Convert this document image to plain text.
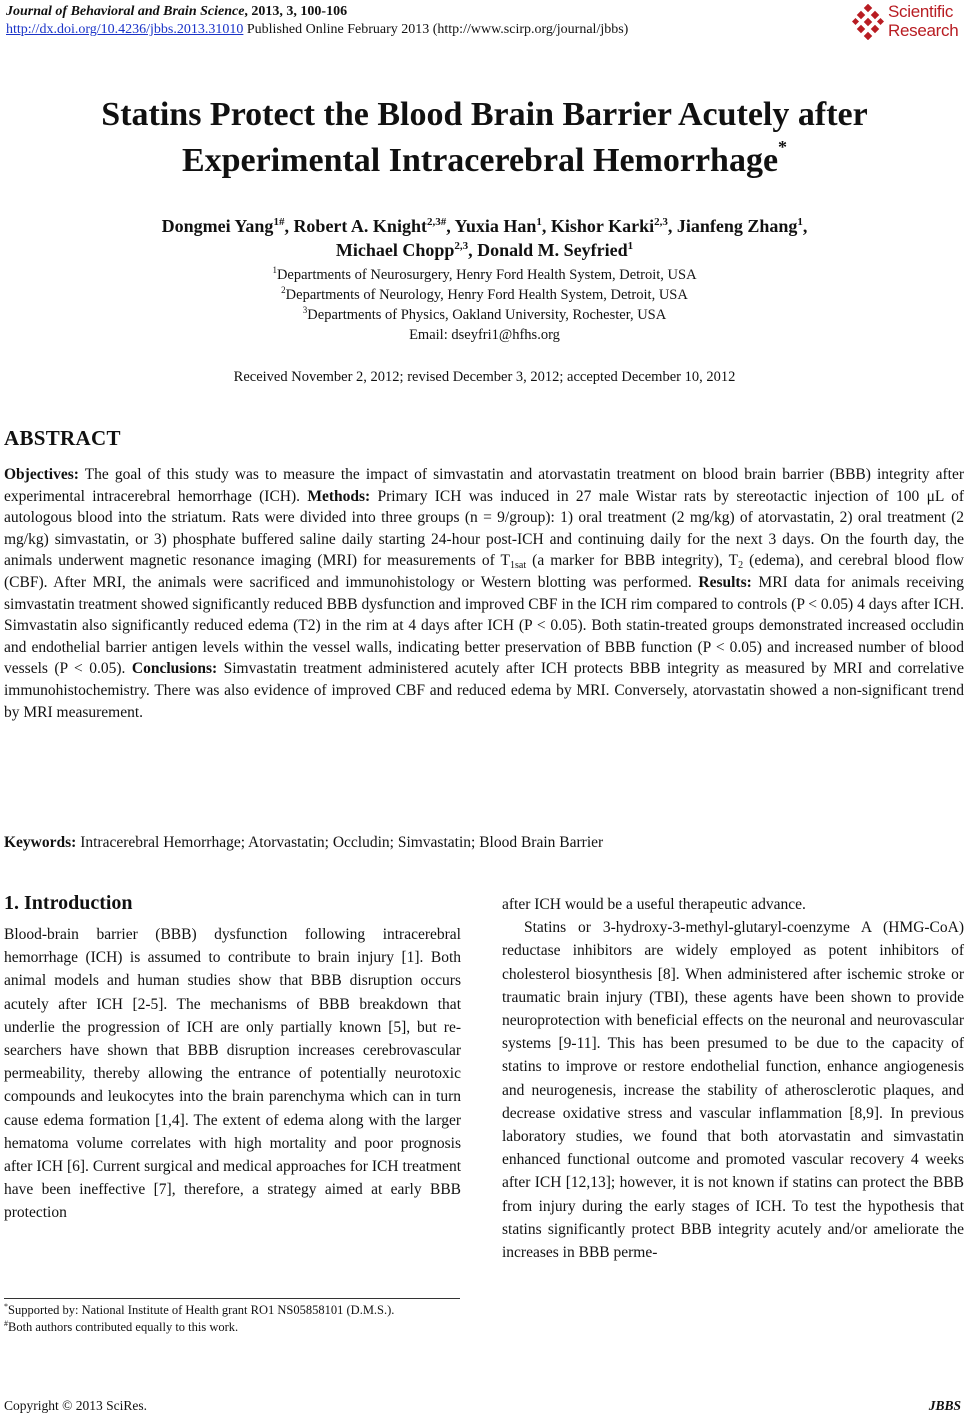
Journal of Behavioral and Brain Science, 2013, 3, 100-106
http://dx.doi.org/10.4236/jbbs.2013.31010 Published Online February 2013 (http://www.scirp.org/journal/jbbs)
Scientific
Research
Statins Protect the Blood Brain Barrier Acutely after
Experimental Intracerebral Hemorrhage*
Dongmei Yang$^{1\#}$, Robert A. Knight$^{2,3\#}$, Yuxia Han$^1$, Kishor Karki$^{2,3}$, Jianfeng Zhang$^1$,
Michael Chopp$^{2,3}$, Donald M. Seyfried$^1$
$^1$Departments of Neurosurgery, Henry Ford Health System, Detroit, USA
$^2$Departments of Neurology, Henry Ford Health System, Detroit, USA
$^3$Departments of Physics, Oakland University, Rochester, USA
Email: dseyfri1@hfhs.org
Received November 2, 2012; revised December 3, 2012; accepted December 10, 2012
ABSTRACT
Objectives: The goal of this study was to measure the impact of simvastatin and atorvastatin treatment on blood brain barrier (BBB) integrity after experimental intracerebral hemorrhage (ICH). Methods: Primary ICH was induced in 27 male Wistar rats by stereotactic injection of 100 μL of autologous blood into the striatum. Rats were divided into three groups (n = 9/group): 1) oral treatment (2 mg/kg) of atorvastatin, 2) oral treatment (2 mg/kg) simvastatin, or 3) phosphate buffered saline daily starting 24-hour post-ICH and continuing daily for the next 3 days. On the fourth day, the animals underwent magnetic resonance imaging (MRI) for measurements of $T_{1sat}$ (a marker for BBB integrity), $T_2$ (edema), and cerebral blood flow (CBF). After MRI, the animals were sacrificed and immunohistology or Western blotting was performed. Results: MRI data for animals receiving simvastatin treatment showed significantly reduced BBB dysfunction and improved CBF in the ICH rim compared to controls (P < 0.05) 4 days after ICH. Simvastatin also significantly reduced edema (T2) in the rim at 4 days after ICH (P < 0.05). Both statin-treated groups demonstrated increased occludin and endothelial barrier antigen levels within the vessel walls, indicating better preservation of BBB function (P < 0.05) and increased number of blood vessels (P < 0.05). Conclusions: Simvastatin treatment administered acutely after ICH protects BBB integrity as measured by MRI and correlative immunohistochemistry. There was also evidence of improved CBF and reduced edema by MRI. Conversely, atorvastatin showed a non-significant trend by MRI measurement.
Keywords: Intracerebral Hemorrhage; Atorvastatin; Occludin; Simvastatin; Blood Brain Barrier
1. Introduction
Blood-brain barrier (BBB) dysfunction following intracerebral hemorrhage (ICH) is assumed to contribute to brain injury [1]. Both animal models and human studies show that BBB disruption occurs acutely after ICH [2-5]. The mechanisms of BBB breakdown that underlie the progression of ICH are only partially known [5], but researchers have shown that BBB disruption increases cerebrovascular permeability, thereby allowing the entrance of potentially neurotoxic compounds and leukocytes into the brain parenchyma which can in turn cause edema formation [1,4]. The extent of edema along with the larger hematoma volume correlates with high mortality and poor prognosis after ICH [6]. Current surgical and medical approaches for ICH treatment have been ineffective [7], therefore, a strategy aimed at early BBB protection
after ICH would be a useful therapeutic advance.
Statins or 3-hydroxy-3-methyl-glutaryl-coenzyme A (HMG-CoA) reductase inhibitors are widely employed as potent inhibitors of cholesterol biosynthesis [8]. When administered after ischemic stroke or traumatic brain injury (TBI), these agents have been shown to provide neuroprotection with beneficial effects on the neuronal and neurovascular systems [9-11]. This has been presumed to be due to the capacity of statins to improve or restore endothelial function, enhance angiogenesis and neurogenesis, increase the stability of atherosclerotic plaques, and decrease oxidative stress and vascular inflammation [8,9]. In previous laboratory studies, we found that both atorvastatin and simvastatin enhanced functional outcome and promoted vascular recovery 4 weeks after ICH [12,13]; however, it is not known if statins can protect the BBB from injury during the early stages of ICH. To test the hypothesis that statins significantly protect BBB integrity acutely and/or ameliorate the increases in BBB perme-
*Supported by: National Institute of Health grant RO1 NS05858101 (D.M.S.).
#Both authors contributed equally to this work.
Copyright © 2013 SciRes.	JBBS
